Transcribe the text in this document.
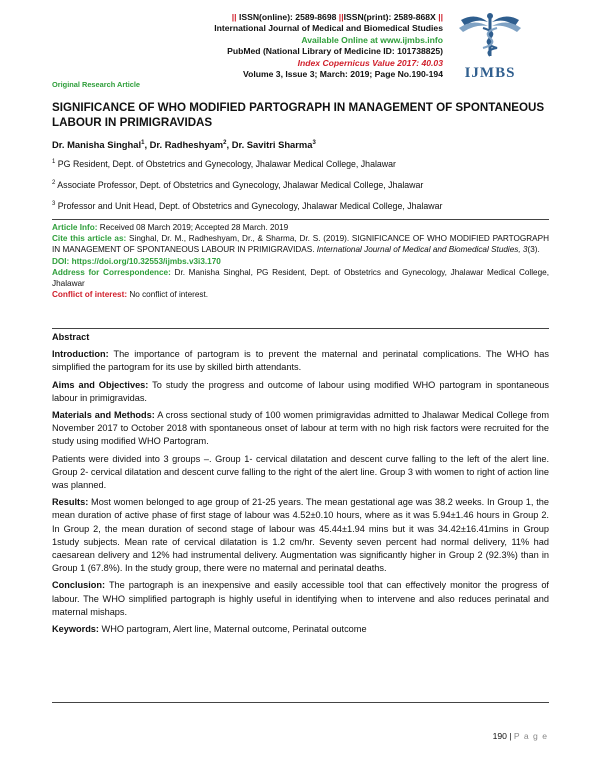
|| ISSN(online): 2589-8698 ||ISSN(print): 2589-868X ||
International Journal of Medical and Biomedical Studies
Available Online at www.ijmbs.info
PubMed (National Library of Medicine ID: 101738825)
Index Copernicus Value 2017: 40.03
Volume 3, Issue 3; March: 2019; Page No.190-194
Original Research Article
IJMBS
SIGNIFICANCE OF WHO MODIFIED PARTOGRAPH IN MANAGEMENT OF SPONTANEOUS LABOUR IN PRIMIGRAVIDAS
Dr. Manisha Singhal$^1$, Dr. Radheshyam$^2$, Dr. Savitri Sharma$^3$
$^1$ PG Resident, Dept. of Obstetrics and Gynecology, Jhalawar Medical College, Jhalawar
$^2$ Associate Professor, Dept. of Obstetrics and Gynecology, Jhalawar Medical College, Jhalawar
$^3$ Professor and Unit Head, Dept. of Obstetrics and Gynecology, Jhalawar Medical College, Jhalawar
Article Info: Received 08 March 2019; Accepted 28 March. 2019
Cite this article as: Singhal, Dr. M., Radheshyam, Dr., & Sharma, Dr. S. (2019). SIGNIFICANCE OF WHO MODIFIED PARTOGRAPH IN MANAGEMENT OF SPONTANEOUS LABOUR IN PRIMIGRAVIDAS. International Journal of Medical and Biomedical Studies, 3(3).
DOI: https://doi.org/10.32553/ijmbs.v3i3.170
Address for Correspondence: Dr. Manisha Singhal, PG Resident, Dept. of Obstetrics and Gynecology, Jhalawar Medical College, Jhalawar
Conflict of interest: No conflict of interest.
Abstract
Introduction: The importance of partogram is to prevent the maternal and perinatal complications. The WHO has simplified the partogram for its use by skilled birth attendants.
Aims and Objectives: To study the progress and outcome of labour using modified WHO partogram in spontaneous labour in primigravidas.
Materials and Methods: A cross sectional study of 100 women primigravidas admitted to Jhalawar Medical College from November 2017 to October 2018 with spontaneous onset of labour at term with no high risk factors were recruited for the study using modified WHO Partogram.
Patients were divided into 3 groups –. Group 1- cervical dilatation and descent curve falling to the left of the alert line. Group 2- cervical dilatation and descent curve falling to the right of the alert line. Group 3 with women to right of action line was planned.
Results: Most women belonged to age group of 21-25 years. The mean gestational age was 38.2 weeks. In Group 1, the mean duration of active phase of first stage of labour was 4.52±0.10 hours, where as it was 5.94±1.46 hours in Group 2. In Group 2, the mean duration of second stage of labour was 45.44±1.94 mins but it was 34.42±16.41mins in Group 1study subjects. Mean rate of cervical dilatation is 1.2 cm/hr. Seventy seven percent had normal delivery, 11% had caesarean delivery and 12% had instrumental delivery. Augmentation was significantly higher in Group 2 (92.3%) than in Group 1 (67.8%). In the study group, there were no maternal and perinatal deaths.
Conclusion: The partograph is an inexpensive and easily accessible tool that can effectively monitor the progress of labour. The WHO simplified partograph is highly useful in identifying when to intervene and also reduces perinatal and maternal mishaps.
Keywords: WHO partogram, Alert line, Maternal outcome, Perinatal outcome
190 | P a g e
